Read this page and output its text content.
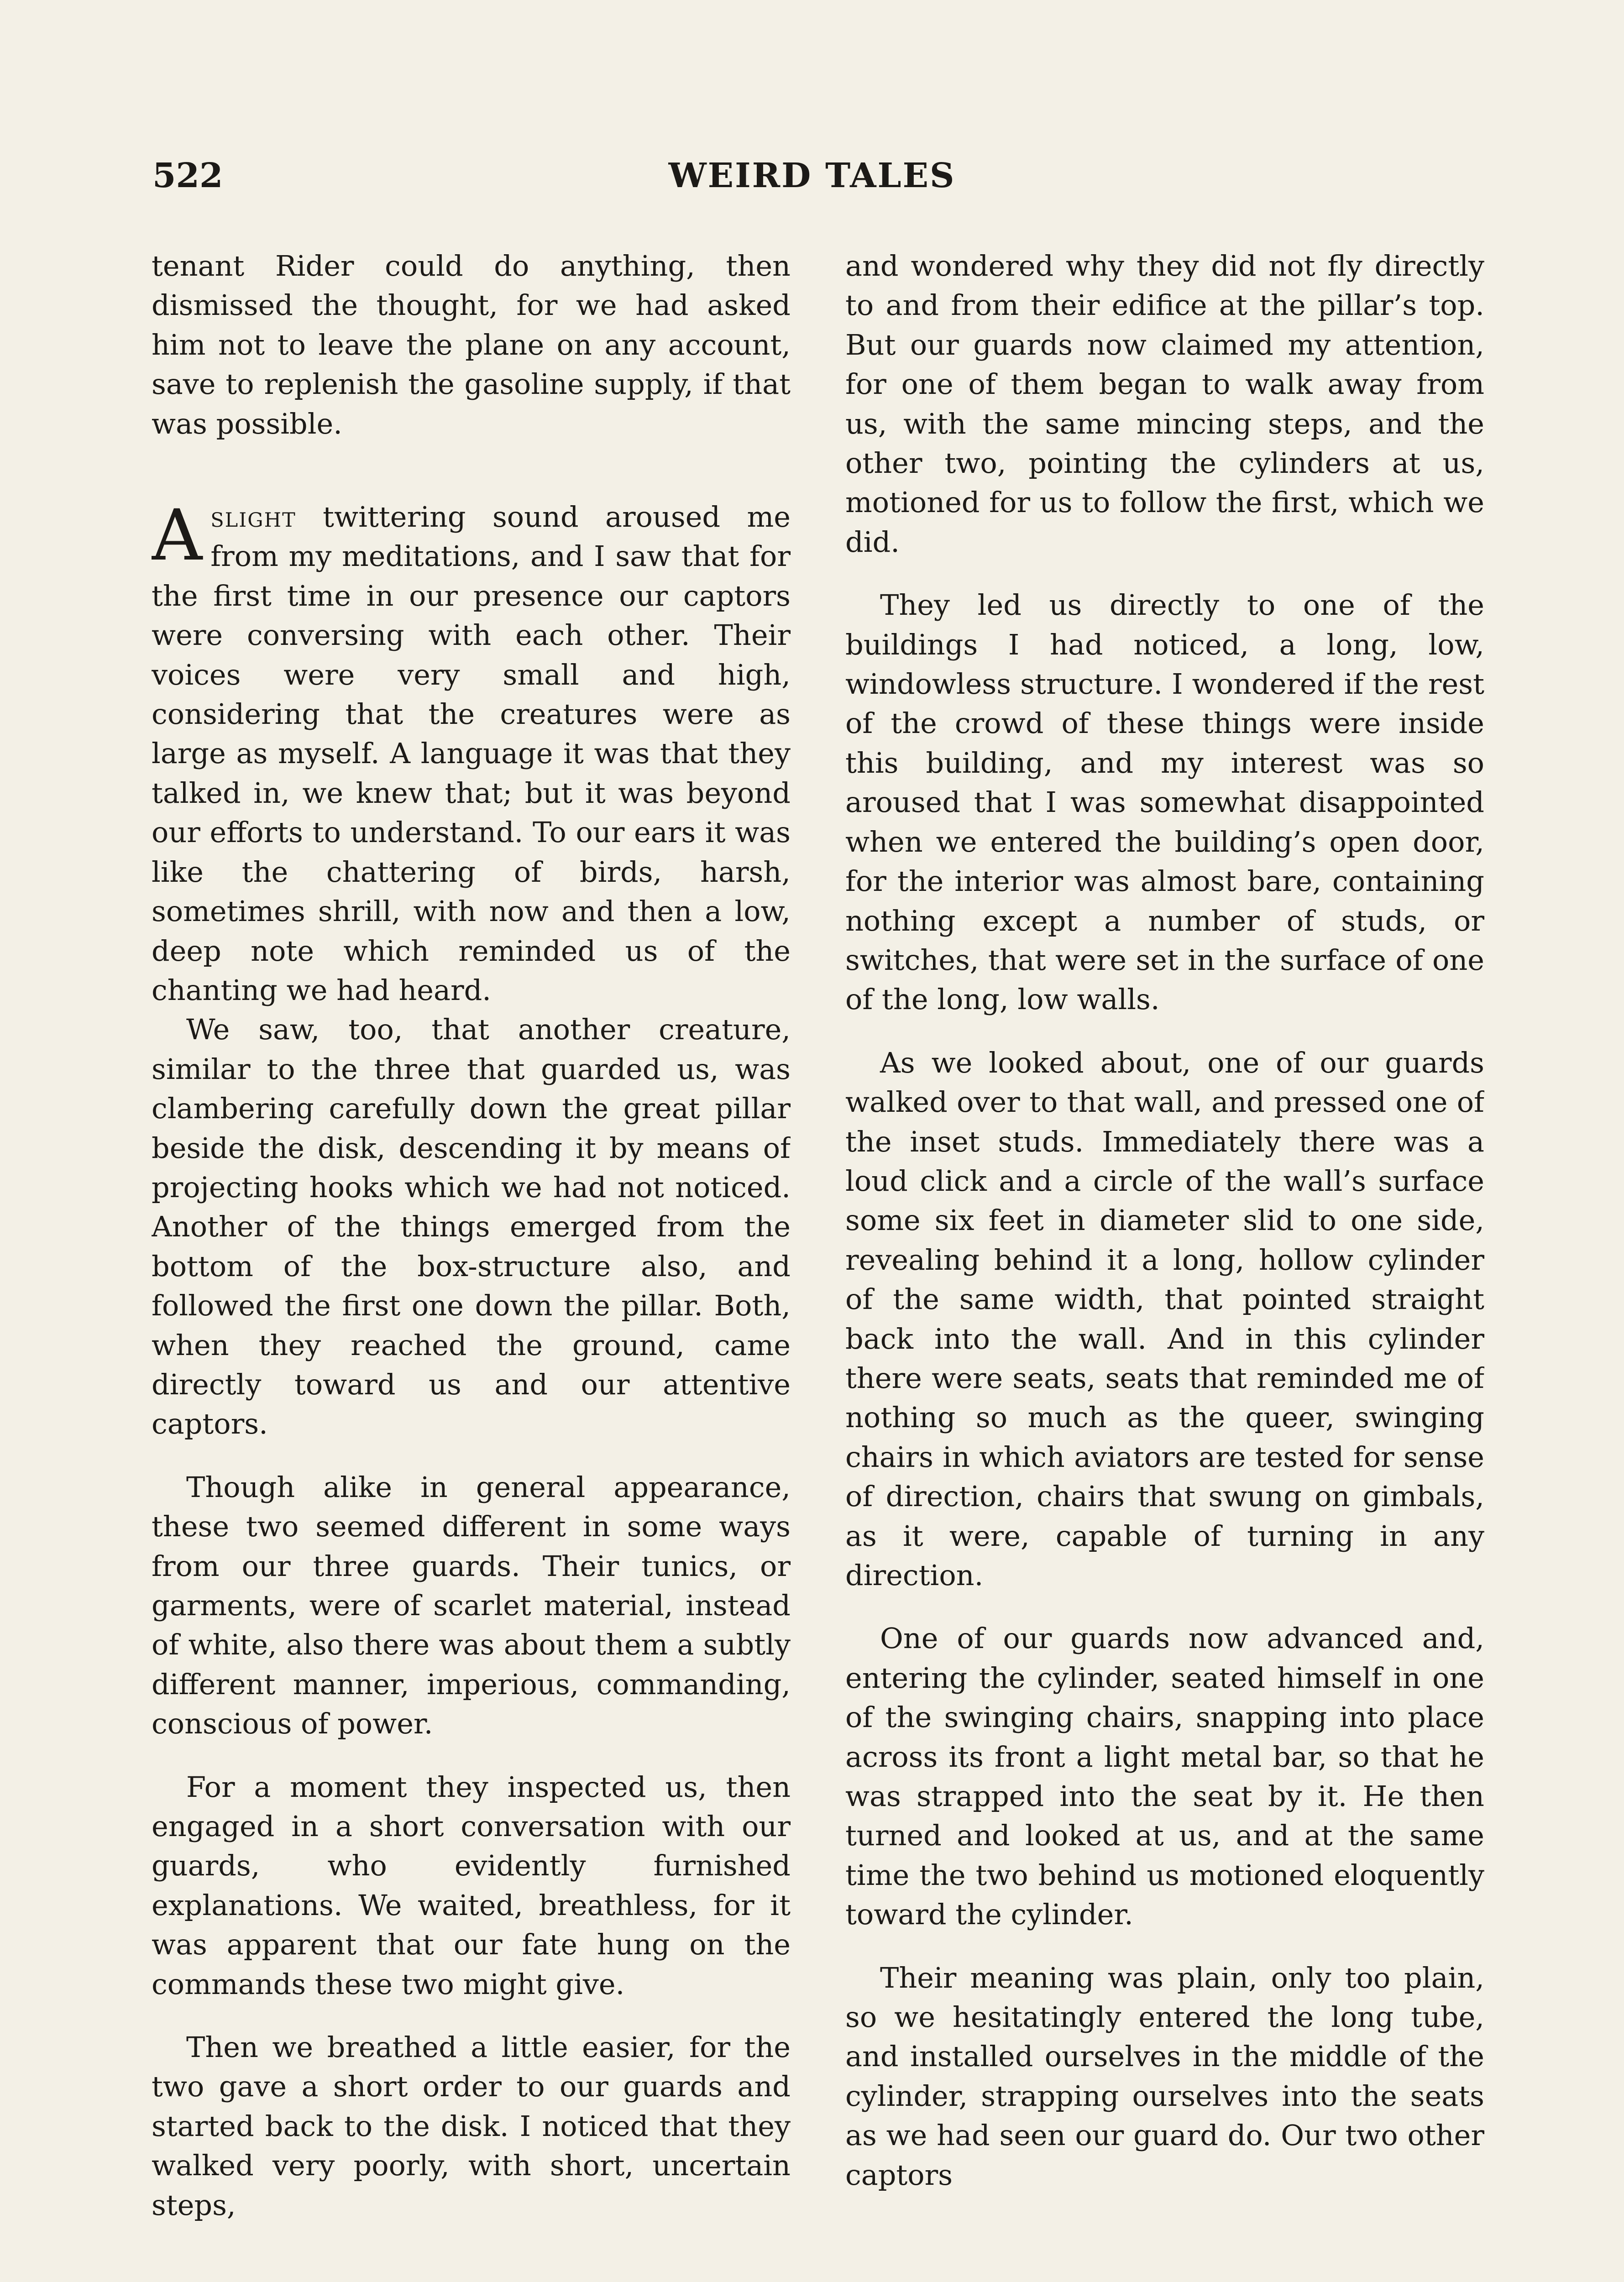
522	WEIRD TALES

tenant Rider could do anything, then dismissed the thought, for we had asked him not to leave the plane on any account, save to replenish the gasoline supply, if that was possible.

Aslight twittering sound aroused me from my meditations, and I saw that for the first time in our presence our captors were conversing with each other. Their voices were very small and high, considering that the creatures were as large as myself. A language it was that they talked in, we knew that; but it was beyond our efforts to understand. To our ears it was like the chattering of birds, harsh, sometimes shrill, with now and then a low, deep note which reminded us of the chanting we had heard.

We saw, too, that another creature, similar to the three that guarded us, was clambering carefully down the great pillar beside the disk, descending it by means of projecting hooks which we had not noticed. Another of the things emerged from the bottom of the box-structure also, and followed the first one down the pillar. Both, when they reached the ground, came directly toward us and our attentive captors.

Though alike in general appearance, these two seemed different in some ways from our three guards. Their tunics, or garments, were of scarlet material, instead of white, also there was about them a subtly different manner, imperious, commanding, conscious of power.

For a moment they inspected us, then engaged in a short conversation with our guards, who evidently furnished explanations. We waited, breathless, for it was apparent that our fate hung on the commands these two might give.

Then we breathed a little easier, for the two gave a short order to our guards and started back to the disk. I noticed that they walked very poorly, with short, uncertain steps,

and wondered why they did not fly directly to and from their edifice at the pillar’s top. But our guards now claimed my attention, for one of them began to walk away from us, with the same mincing steps, and the other two, pointing the cylinders at us, motioned for us to follow the first, which we did.

They led us directly to one of the buildings I had noticed, a long, low, windowless structure. I wondered if the rest of the crowd of these things were inside this building, and my interest was so aroused that I was somewhat disappointed when we entered the building’s open door, for the interior was almost bare, containing nothing except a number of studs, or switches, that were set in the surface of one of the long, low walls.

As we looked about, one of our guards walked over to that wall, and pressed one of the inset studs. Immediately there was a loud click and a circle of the wall’s surface some six feet in diameter slid to one side, revealing behind it a long, hollow cylinder of the same width, that pointed straight back into the wall. And in this cylinder there were seats, seats that reminded me of nothing so much as the queer, swinging chairs in which aviators are tested for sense of direction, chairs that swung on gimbals, as it were, capable of turning in any direction.

One of our guards now advanced and, entering the cylinder, seated himself in one of the swinging chairs, snapping into place across its front a light metal bar, so that he was strapped into the seat by it. He then turned and looked at us, and at the same time the two behind us motioned eloquently toward the cylinder.

Their meaning was plain, only too plain, so we hesitatingly entered the long tube, and installed ourselves in the middle of the cylinder, strapping ourselves into the seats as we had seen our guard do. Our two other captors
